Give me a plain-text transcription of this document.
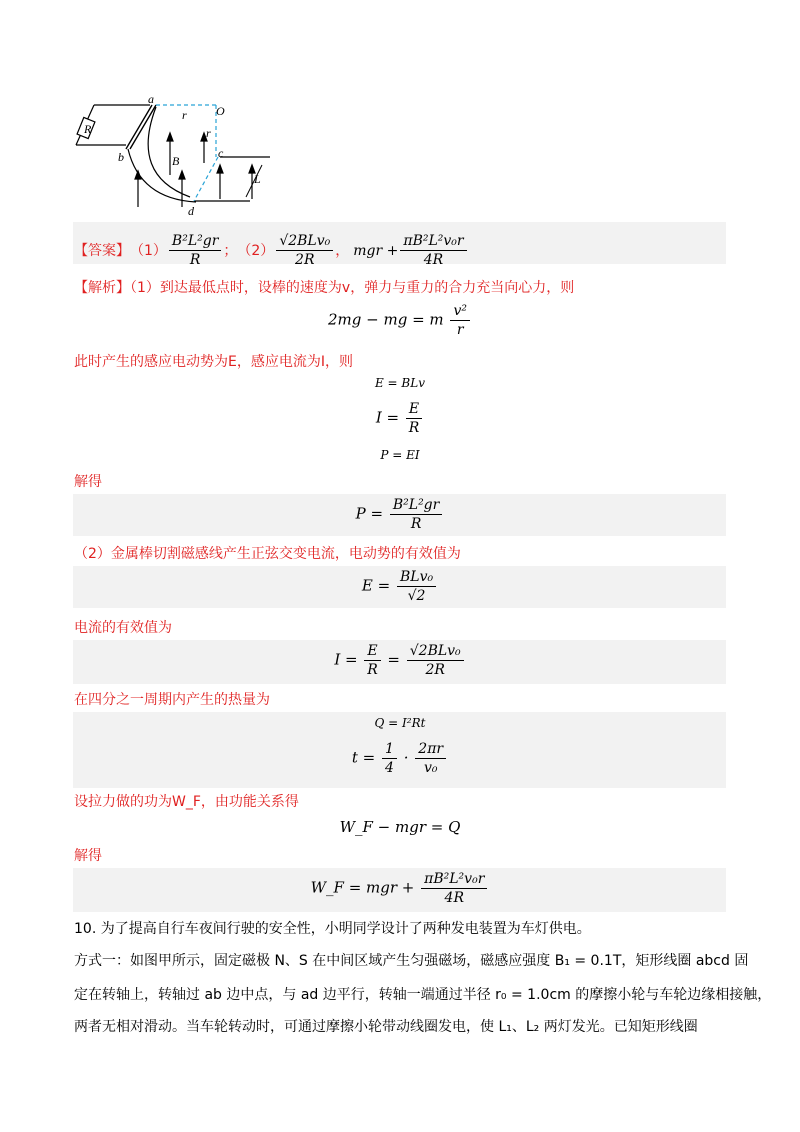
a
b	c
d
O
r
r
R
B
L
【答案】 $(1) \frac{\text{B²L²gr}}{R}$ ； $(2) \frac{\text{√2BLv₀}}{2R}$ ， mgr + $\frac{\text{πB²L²v₀r}}{4R}$
【解析】（1）到达最低点时，设棒的速度为v，弹力与重力的合力充当向心力，则
2mg − mg = m $\frac{\text{v²}}{r}$
此时产生的感应电动势为E，感应电流为I，则
E = BLv
$I = \frac{E}{R}$
P = EI
解得
$P = \frac{\text{B²L²gr}}{R}$
（2）金属棒切割磁感线产生正弦交变电流，电动势的有效值为
$E = \frac{\text{BLv₀}}{√2}$
电流的有效值为
$I = \frac{E}{R} = \frac{\text{√2BLv₀}}{2R}$
在四分之一周期内产生的热量为
Q = I²Rt
$t = \frac{1}{4} \cdot \frac{2\pi r}{\text{v₀}}$
设拉力做的功为W_F，由功能关系得
W_F − mgr = Q
解得
W_F = mgr + $\frac{\text{πB²L²v₀r}}{4R}$
10. 为了提高自行车夜间行驶的安全性，小明同学设计了两种发电装置为车灯供电。
方式一：如图甲所示，固定磁极 N、S 在中间区域产生匀强磁场，磁感应强度 B₁ = 0.1T，矩形线圈 abcd 固
定在转轴上，转轴过 ab 边中点，与 ad 边平行，转轴一端通过半径 r₀ = 1.0cm 的摩擦小轮与车轮边缘相接触，
两者无相对滑动。当车轮转动时，可通过摩擦小轮带动线圈发电，使 L₁、L₂ 两灯发光。已知矩形线圈
